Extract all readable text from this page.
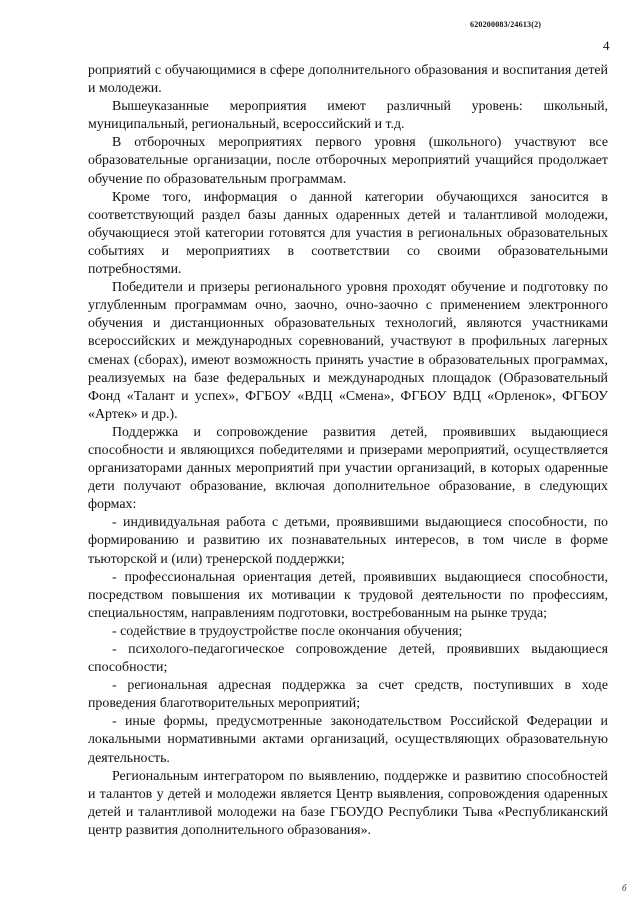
620200083/24613(2)
4

роприятий с обучающимися в сфере дополнительного образования и воспитания детей и молодежи.

Вышеуказанные мероприятия имеют различный уровень: школьный, муниципальный, региональный, всероссийский и т.д.

В отборочных мероприятиях первого уровня (школьного) участвуют все образовательные организации, после отборочных мероприятий учащийся продолжает обучение по образовательным программам.

Кроме того, информация о данной категории обучающихся заносится в соответствующий раздел базы данных одаренных детей и талантливой молодежи, обучающиеся этой категории готовятся для участия в региональных образовательных событиях и мероприятиях в соответствии со своими образовательными потребностями.

Победители и призеры регионального уровня проходят обучение и подготовку по углубленным программам очно, заочно, очно-заочно с применением электронного обучения и дистанционных образовательных технологий, являются участниками всероссийских и международных соревнований, участвуют в профильных лагерных сменах (сборах), имеют возможность принять участие в образовательных программах, реализуемых на базе федеральных и международных площадок (Образовательный Фонд «Талант и успех», ФГБОУ «ВДЦ «Смена», ФГБОУ ВДЦ «Орленок», ФГБОУ «Артек» и др.).

Поддержка и сопровождение развития детей, проявивших выдающиеся способности и являющихся победителями и призерами мероприятий, осуществляется организаторами данных мероприятий при участии организаций, в которых одаренные дети получают образование, включая дополнительное образование, в следующих формах:

- индивидуальная работа с детьми, проявившими выдающиеся способности, по формированию и развитию их познавательных интересов, в том числе в форме тьюторской и (или) тренерской поддержки;

- профессиональная ориентация детей, проявивших выдающиеся способности, посредством повышения их мотивации к трудовой деятельности по профессиям, специальностям, направлениям подготовки, востребованным на рынке труда;

- содействие в трудоустройстве после окончания обучения;

- психолого-педагогическое сопровождение детей, проявивших выдающиеся способности;

- региональная адресная поддержка за счет средств, поступивших в ходе проведения благотворительных мероприятий;

- иные формы, предусмотренные законодательством Российской Федерации и локальными нормативными актами организаций, осуществляющих образовательную деятельность.

Региональным интегратором по выявлению, поддержке и развитию способностей и талантов у детей и молодежи является Центр выявления, сопровождения одаренных детей и талантливой молодежи на базе ГБОУДО Республики Тыва «Республиканский центр развития дополнительного образования».

б
